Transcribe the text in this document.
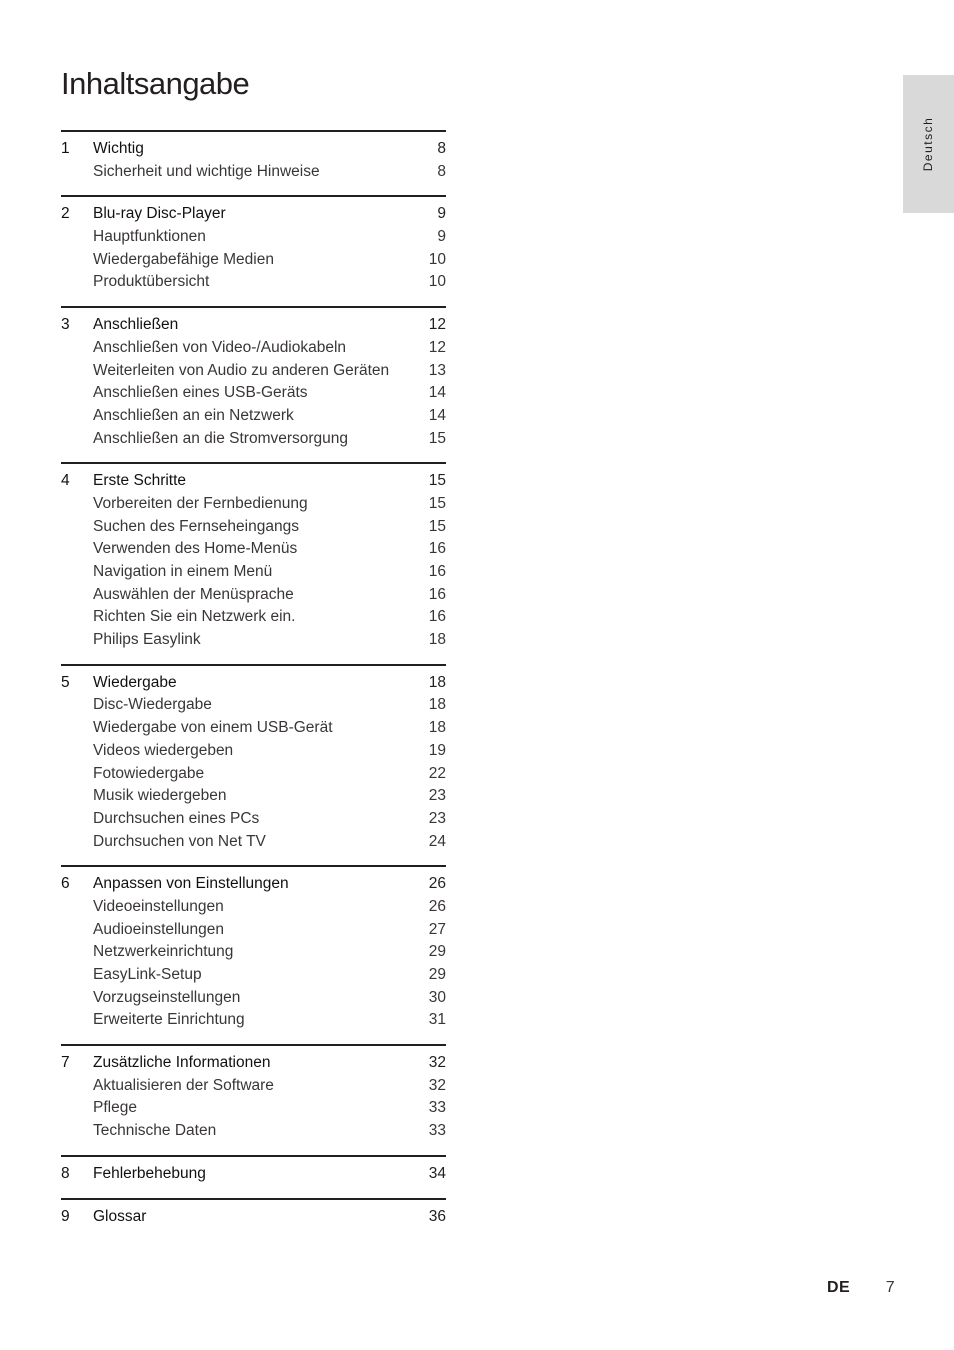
Inhaltsangabe
Deutsch
1	Wichtig	8
Sicherheit und wichtige Hinweise	8
2	Blu-ray Disc-Player	9
Hauptfunktionen	9
Wiedergabefähige Medien	10
Produktübersicht	10
3	Anschließen	12
Anschließen von Video-/Audiokabeln	12
Weiterleiten von Audio zu anderen Geräten	13
Anschließen eines USB-Geräts	14
Anschließen an ein Netzwerk	14
Anschließen an die Stromversorgung	15
4	Erste Schritte	15
Vorbereiten der Fernbedienung	15
Suchen des Fernseheingangs	15
Verwenden des Home-Menüs	16
Navigation in einem Menü	16
Auswählen der Menüsprache	16
Richten Sie ein Netzwerk ein.	16
Philips Easylink	18
5	Wiedergabe	18
Disc-Wiedergabe	18
Wiedergabe von einem USB-Gerät	18
Videos wiedergeben	19
Fotowiedergabe	22
Musik wiedergeben	23
Durchsuchen eines PCs	23
Durchsuchen von Net TV	24
6	Anpassen von Einstellungen	26
Videoeinstellungen	26
Audioeinstellungen	27
Netzwerkeinrichtung	29
EasyLink-Setup	29
Vorzugseinstellungen	30
Erweiterte Einrichtung	31
7	Zusätzliche Informationen	32
Aktualisieren der Software	32
Pflege	33
Technische Daten	33
8	Fehlerbehebung	34
9	Glossar	36
DE 7
